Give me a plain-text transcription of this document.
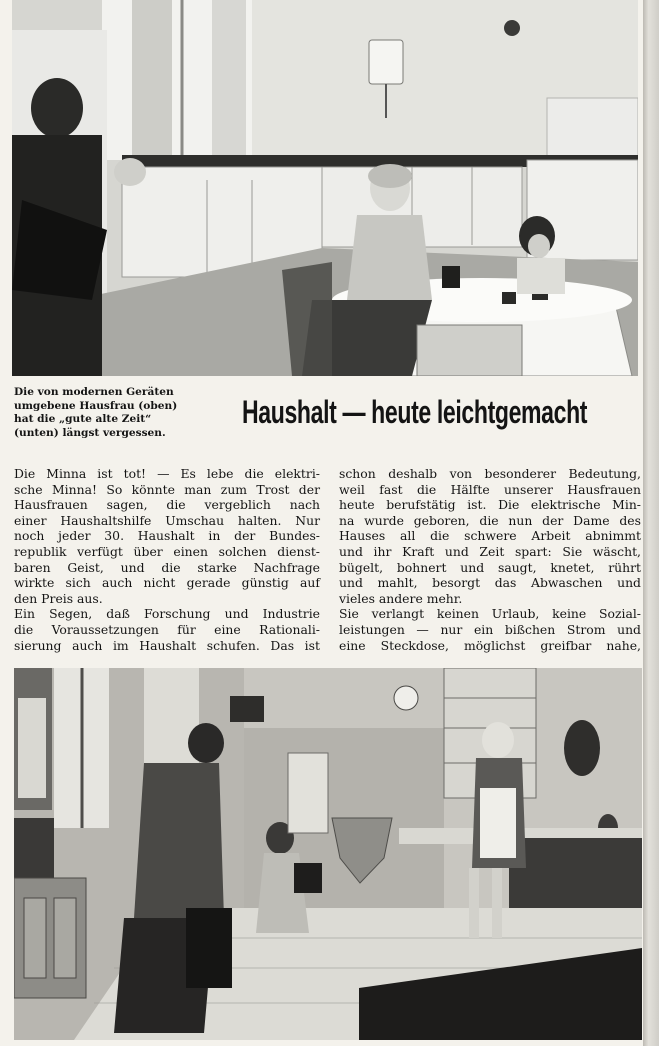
Die von modernen Geräten
umgebene Hausfrau (oben)
hat die „gute alte Zeit“
(unten) längst vergessen.
Haushalt — heute leichtgemacht
Die Minna ist tot! — Es lebe die elektri-
sche Minna! So könnte man zum Trost der
Hausfrauen sagen, die vergeblich nach
einer Haushaltshilfe Umschau halten. Nur
noch jeder 30. Haushalt in der Bundes-
republik verfügt über einen solchen dienst-
baren Geist, und die starke Nachfrage
wirkte sich auch nicht gerade günstig auf
den Preis aus.
Ein Segen, daß Forschung und Industrie
die Voraussetzungen für eine Rationali-
sierung auch im Haushalt schufen. Das ist
schon deshalb von besonderer Bedeutung,
weil fast die Hälfte unserer Hausfrauen
heute berufstätig ist. Die elektrische Min-
na wurde geboren, die nun der Dame des
Hauses all die schwere Arbeit abnimmt
und ihr Kraft und Zeit spart: Sie wäscht,
bügelt, bohnert und saugt, knetet, rührt
und mahlt, besorgt das Abwaschen und
vieles andere mehr.
Sie verlangt keinen Urlaub, keine Sozial-
leistungen — nur ein bißchen Strom und
eine Steckdose, möglichst greifbar nahe,
